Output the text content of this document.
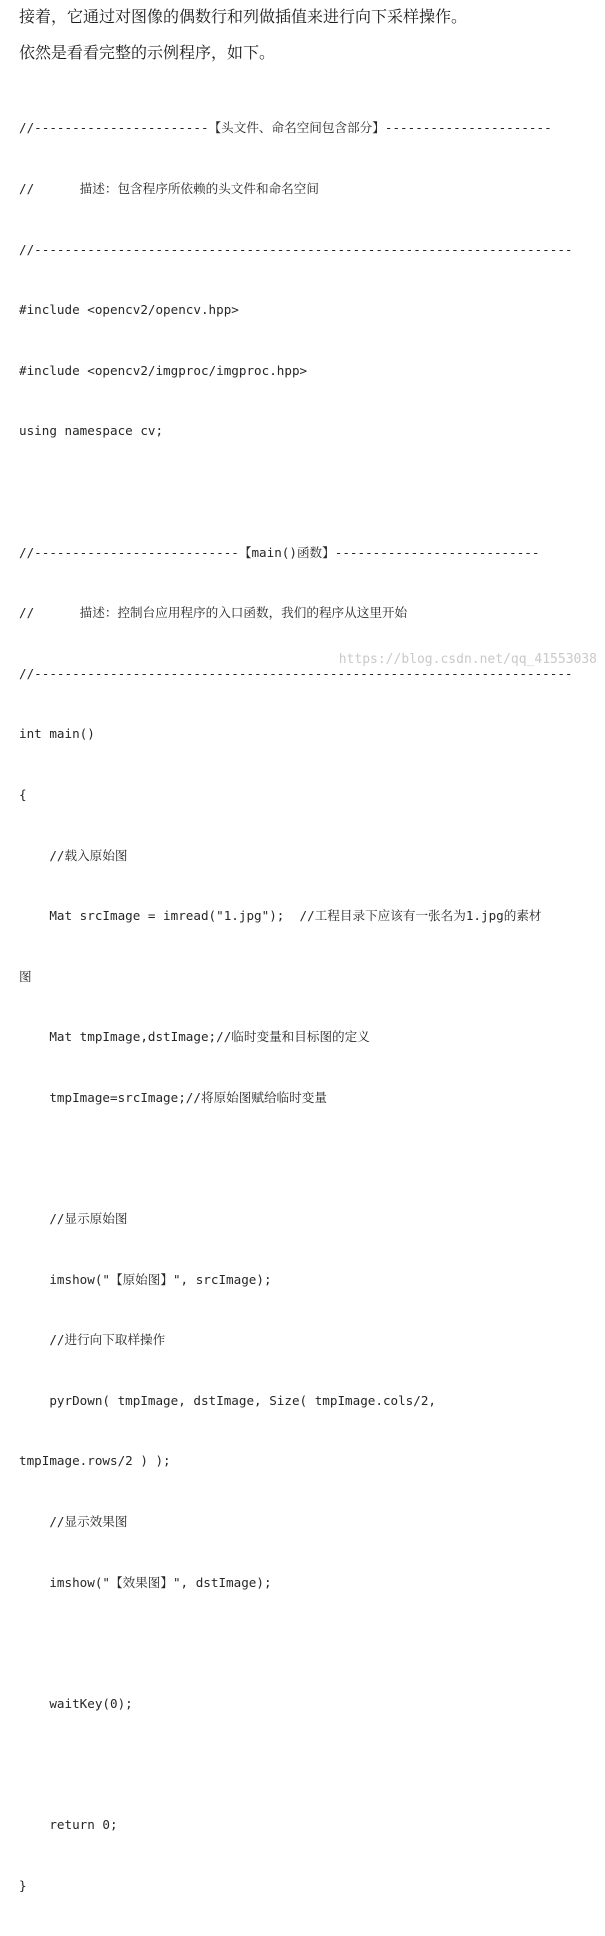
接着，它通过对图像的偶数行和列做插值来进行向下采样操作。
依然是看看完整的示例程序，如下。

//-----------------------【头文件、命名空间包含部分】----------------------

//      描述：包含程序所依赖的头文件和命名空间

//-----------------------------------------------------------------------

#include <opencv2/opencv.hpp>

#include <opencv2/imgproc/imgproc.hpp>

using namespace cv;

//---------------------------【main()函数】---------------------------

//      描述：控制台应用程序的入口函数，我们的程序从这里开始

//-----------------------------------------------------------------------

int main()

{

//载入原始图

Mat srcImage = imread("1.jpg");  //工程目录下应该有一张名为1.jpg的素材

图

Mat tmpImage,dstImage;//临时变量和目标图的定义

tmpImage=srcImage;//将原始图赋给临时变量

//显示原始图

imshow("【原始图】", srcImage);

//进行向下取样操作

pyrDown( tmpImage, dstImage, Size( tmpImage.cols/2,

tmpImage.rows/2 ) );

//显示效果图

imshow("【效果图】", dstImage);

waitKey(0);

return 0;

}

https://blog.csdn.net/qq_41553038
